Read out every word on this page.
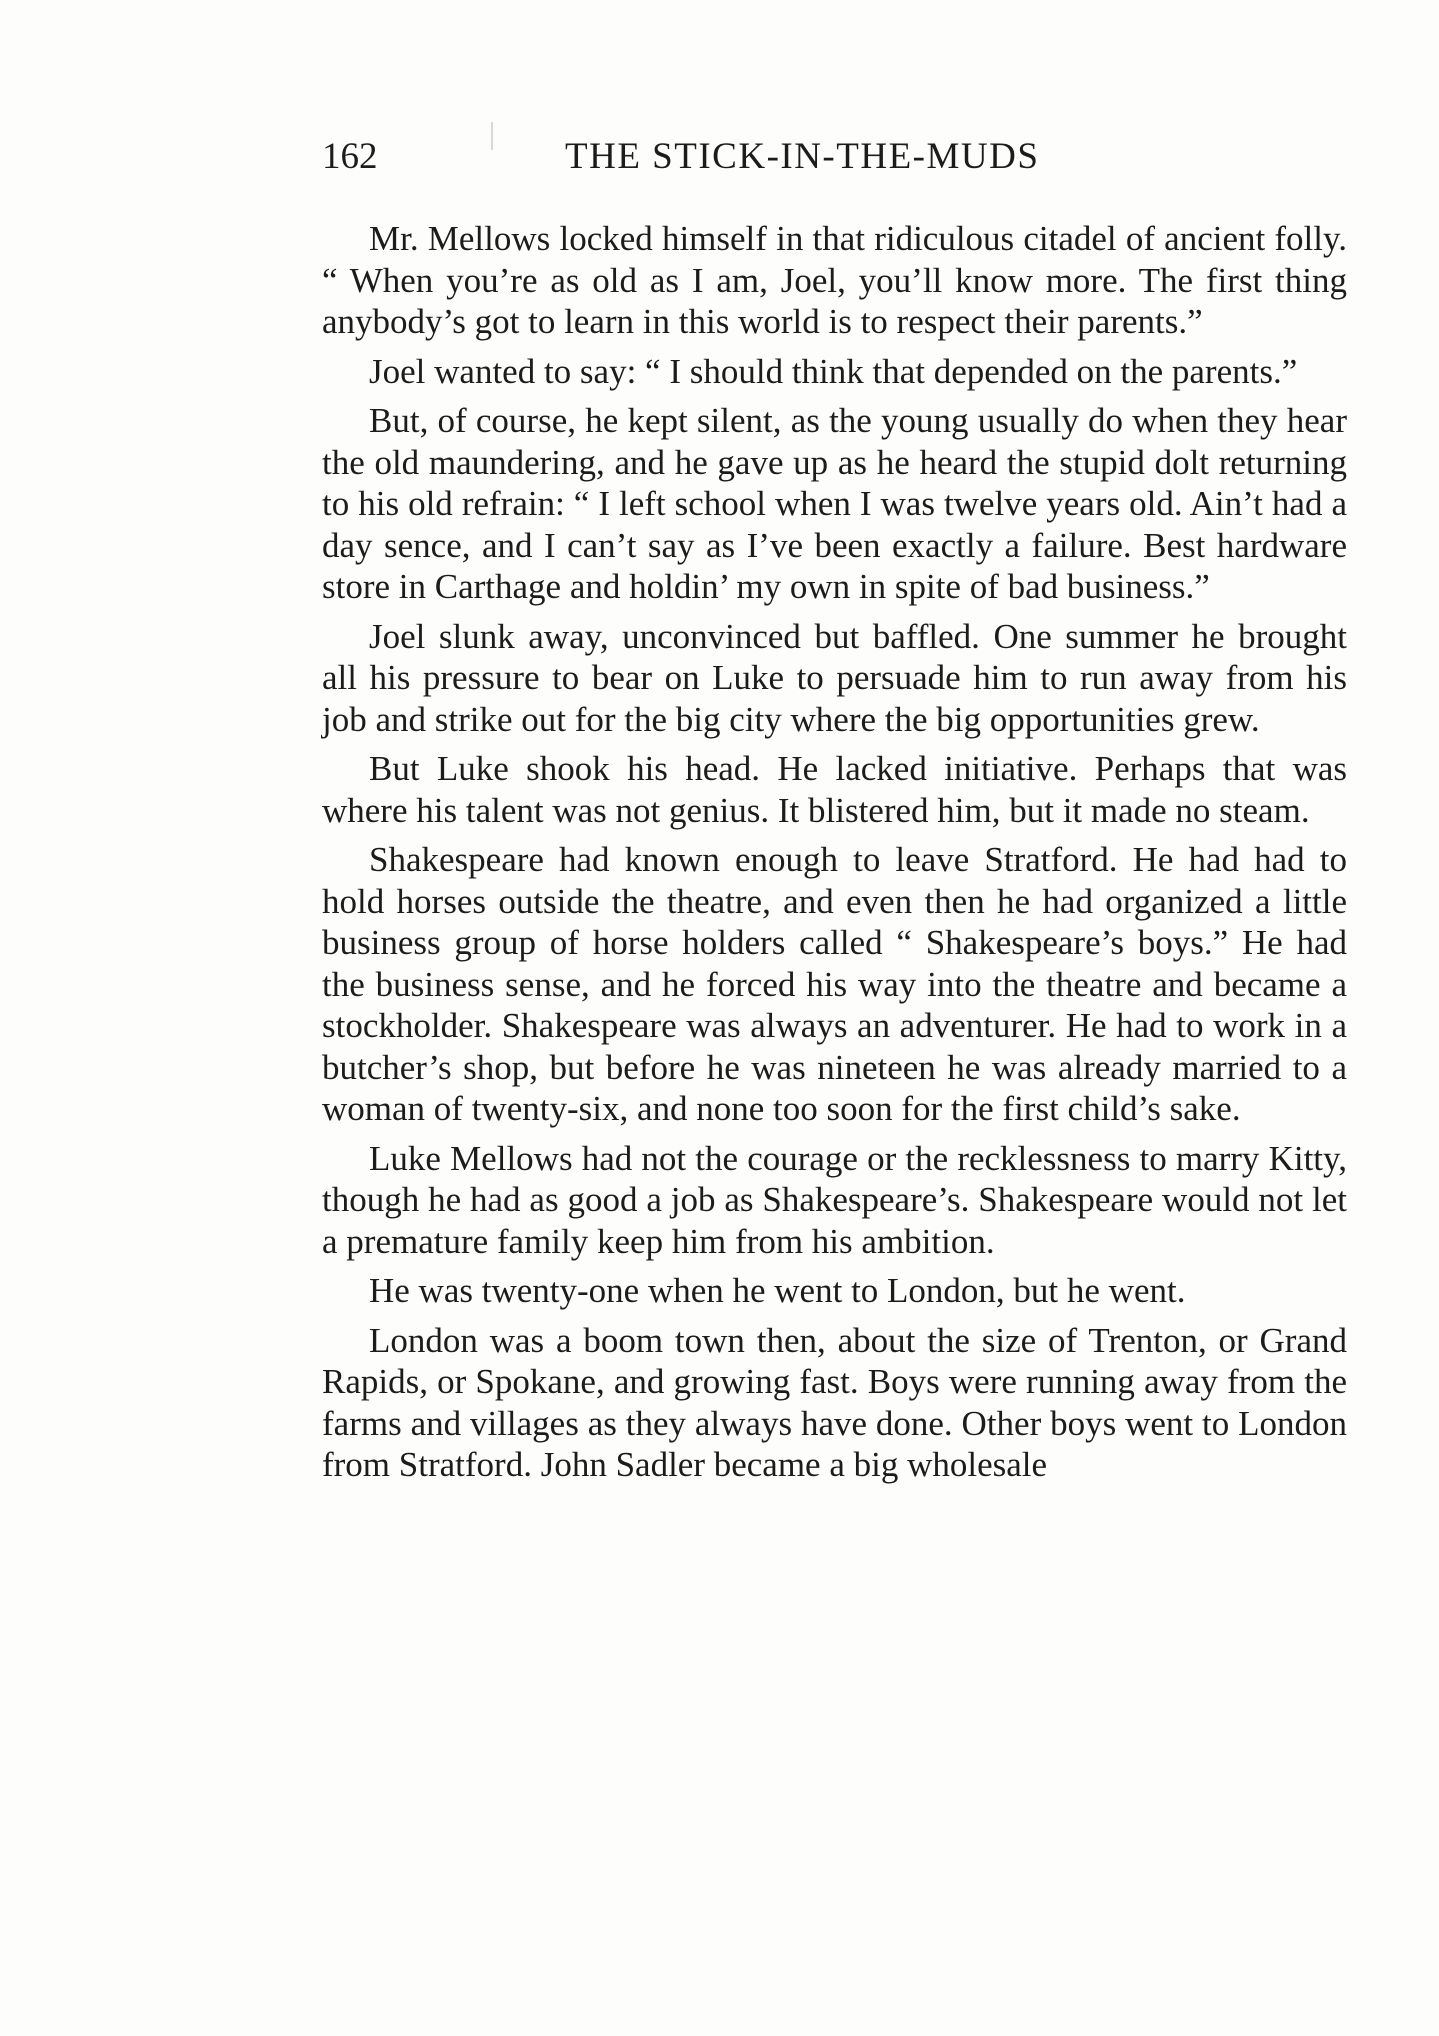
162	THE STICK-IN-THE-MUDS

Mr. Mellows locked himself in that ridiculous citadel of ancient folly. “ When you’re as old as I am, Joel, you’ll know more. The first thing anybody’s got to learn in this world is to respect their parents.”

Joel wanted to say: “ I should think that depended on the parents.”

But, of course, he kept silent, as the young usually do when they hear the old maundering, and he gave up as he heard the stupid dolt returning to his old refrain: “ I left school when I was twelve years old. Ain’t had a day sence, and I can’t say as I’ve been exactly a failure. Best hardware store in Carthage and holdin’ my own in spite of bad business.”

Joel slunk away, unconvinced but baffled. One summer he brought all his pressure to bear on Luke to persuade him to run away from his job and strike out for the big city where the big opportunities grew.

But Luke shook his head. He lacked initiative. Perhaps that was where his talent was not genius. It blistered him, but it made no steam.

Shakespeare had known enough to leave Stratford. He had had to hold horses outside the theatre, and even then he had organized a little business group of horse holders called “ Shakespeare’s boys.” He had the business sense, and he forced his way into the theatre and became a stockholder. Shakespeare was always an adventurer. He had to work in a butcher’s shop, but before he was nineteen he was already married to a woman of twenty-six, and none too soon for the first child’s sake.

Luke Mellows had not the courage or the recklessness to marry Kitty, though he had as good a job as Shakespeare’s. Shakespeare would not let a premature family keep him from his ambition.

He was twenty-one when he went to London, but he went.

London was a boom town then, about the size of Trenton, or Grand Rapids, or Spokane, and growing fast. Boys were running away from the farms and villages as they always have done. Other boys went to London from Stratford. John Sadler became a big wholesale
